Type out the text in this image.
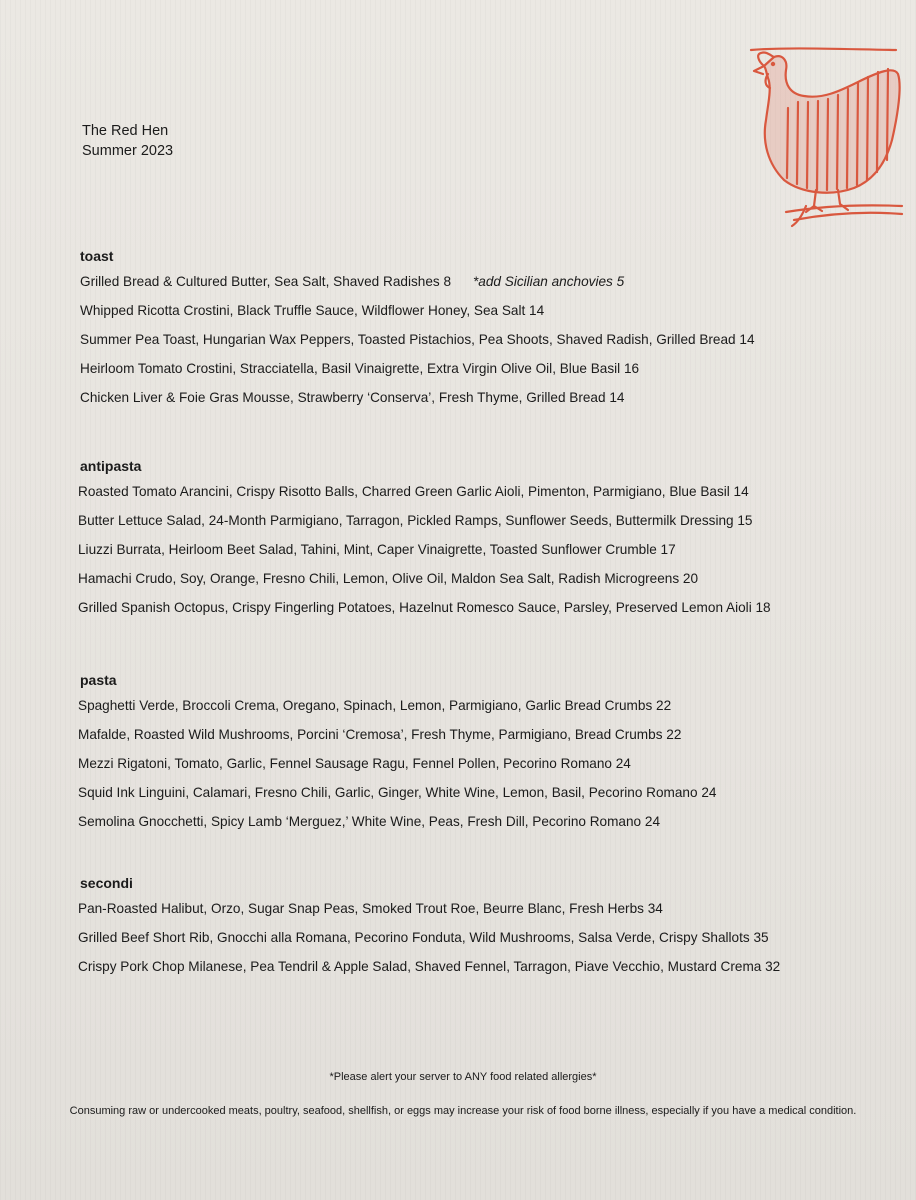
The Red Hen
Summer 2023
toast
Grilled Bread & Cultured Butter, Sea Salt, Shaved Radishes 8 *add Sicilian anchovies 5
Whipped Ricotta Crostini, Black Truffle Sauce, Wildflower Honey, Sea Salt 14
Summer Pea Toast, Hungarian Wax Peppers, Toasted Pistachios, Pea Shoots, Shaved Radish, Grilled Bread 14
Heirloom Tomato Crostini, Stracciatella, Basil Vinaigrette, Extra Virgin Olive Oil, Blue Basil 16
Chicken Liver & Foie Gras Mousse, Strawberry ‘Conserva’, Fresh Thyme, Grilled Bread 14
antipasta
Roasted Tomato Arancini, Crispy Risotto Balls, Charred Green Garlic Aioli, Pimenton, Parmigiano, Blue Basil 14
Butter Lettuce Salad, 24-Month Parmigiano, Tarragon, Pickled Ramps, Sunflower Seeds, Buttermilk Dressing 15
Liuzzi Burrata, Heirloom Beet Salad, Tahini, Mint, Caper Vinaigrette, Toasted Sunflower Crumble 17
Hamachi Crudo, Soy, Orange, Fresno Chili, Lemon, Olive Oil, Maldon Sea Salt, Radish Microgreens 20
Grilled Spanish Octopus, Crispy Fingerling Potatoes, Hazelnut Romesco Sauce, Parsley, Preserved Lemon Aioli 18
pasta
Spaghetti Verde, Broccoli Crema, Oregano, Spinach, Lemon, Parmigiano, Garlic Bread Crumbs 22
Mafalde, Roasted Wild Mushrooms, Porcini ‘Cremosa’, Fresh Thyme, Parmigiano, Bread Crumbs 22
Mezzi Rigatoni, Tomato, Garlic, Fennel Sausage Ragu, Fennel Pollen, Pecorino Romano 24
Squid Ink Linguini, Calamari, Fresno Chili, Garlic, Ginger, White Wine, Lemon, Basil, Pecorino Romano 24
Semolina Gnocchetti, Spicy Lamb ‘Merguez,’ White Wine, Peas, Fresh Dill, Pecorino Romano 24
secondi
Pan-Roasted Halibut, Orzo, Sugar Snap Peas, Smoked Trout Roe, Beurre Blanc, Fresh Herbs 34
Grilled Beef Short Rib, Gnocchi alla Romana, Pecorino Fonduta, Wild Mushrooms, Salsa Verde, Crispy Shallots 35
Crispy Pork Chop Milanese, Pea Tendril & Apple Salad, Shaved Fennel, Tarragon, Piave Vecchio, Mustard Crema 32
*Please alert your server to ANY food related allergies*
Consuming raw or undercooked meats, poultry, seafood, shellfish, or eggs may increase your risk of food borne illness, especially if you have a medical condition.
